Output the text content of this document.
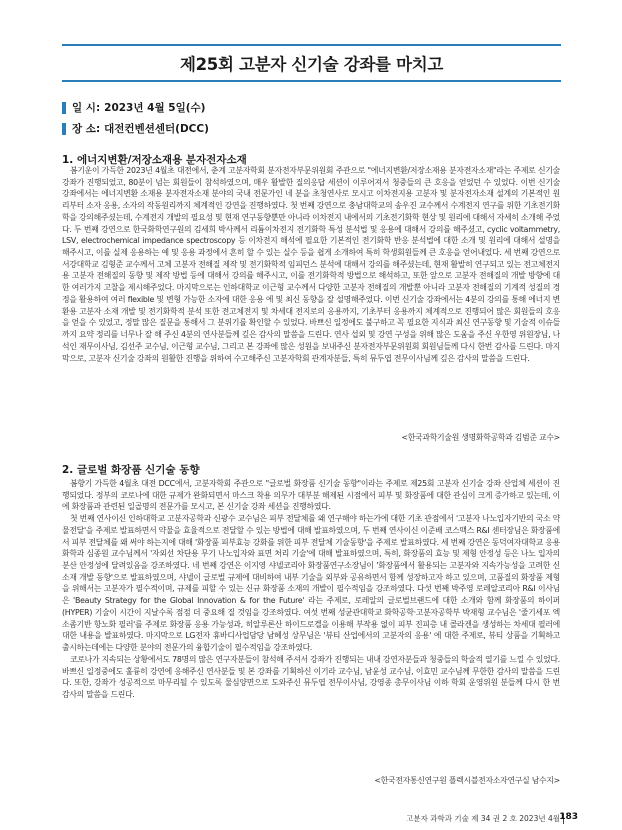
제25회 고분자 신기술 강좌를 마치고
일 시: 2023년 4월 5일(수)
장 소: 대전컨벤션센터(DCC)
1. 에너지변환/저장소재용 분자전자소재

봄기운이 가득한 2023년 4월초 대전에서, 춘계 고분자학회 분자전자부문위원회 주관으로 "에너지변환/저장소재용 분자전자소재"라는 주제로 신기술 강좌가 진행되었고, 80분이 넘는 회원들이 참석하였으며, 매우 활발한 질의응답 세션이 이루어져서 청중들의 큰 호응을 얻었던 수 있었다. 이번 신기술 강좌에서는 에너지변환 소재용 분자전자소재 분야의 국내 전문가인 네 분을 초청연사로 모시고 이차전지용 고분자 및 분자전자소재 설계의 기본적인 원리부터 소자 응용, 소자의 작동원리까지 체계적인 강연을 진행하였다. 첫 번째 강연으로 충남대학교의 송우진 교수께서 수계전지 연구를 위한 기초전기화학을 강의해주셨는데, 수계전지 개발의 필요성 및 현재 연구동향뿐만 아니라 이차전지 내에서의 기초전기화학 현상 및 원리에 대해서 자세히 소개해 주었다. 두 번째 강연으로 한국화학연구원의 김세희 박사께서 리튬이차전지 전기화학 특성 분석법 및 응용에 대해서 강의를 해주셨고, cyclic voltammetry, LSV, electrochemical impedance spectroscopy 등 이차전지 해석에 필요한 기본적인 전기화학 반응 분석법에 대한 소개 및 원리에 대해서 설명을 해주시고, 이를 실제 응용하는 예 및 응용 과정에서 흔히 할 수 있는 실수 등을 쉽게 소개하여 특히 학생회원들께 큰 호응을 얻어내었다. 세 번째 강연으로 서강대학교 김형준 교수께서 고체 고분자 전해질 제작 및 전기화학적 임피던스 분석에 대해서 강의를 해주셨는데, 현재 활발히 연구되고 있는 전고체전지용 고분자 전해질의 동향 및 제작 방법 등에 대해서 강의를 해주시고, 이를 전기화학적 방법으로 해석하고, 또한 앞으로 고분자 전해질의 개발 방향에 대한 여러가지 고찰을 제시해주었다. 마지막으로는 인하대학교 이근형 교수께서 다양한 고분자 전해질의 개발뿐 아니라 고분자 전해질의 기계적 성질의 경정을 활용하여 여러 flexible 및 변형 가능한 소자에 대한 응용 에 및 최신 동향을 잘 설명해주었다. 이번 신기술 강좌에서는 4분의 강의를 통해 에너지 변환용 고분자 소재 개발 및 전기화학적 분석 또한 전고체전지 및 차세대 전지로의 응용까지, 기초부터 응용까지 체계적으로 진행되어 많은 회원들의 호응을 얻을 수 있었고, 정말 많은 질문을 통해서 그 분위기를 확인할 수 있었다. 바쁘신 일정에도 불구하고 꼭 필요한 지식과 최신 연구동향 및 기술적 이슈들까지 요약 정리를 너무나 잘 해 주신 4분의 연사분들께 깊은 감사의 말씀을 드린다. 연사 섭외 및 강연 구성을 위해 많은 도움을 주신 우한영 위원장님, 나석인 재무이사님, 김선주 교수님, 이근형 교수님, 그리고 본 강좌에 많은 성원을 보내주신 분자전자부문위원회 회원님들께 다시 한번 감사를 드린다. 마지막으로, 고분자 신기술 강좌의 원활한 진행을 위하여 수고해주신 고분자학회 관계자분들, 특히 뮤두엽 전무이사님께 깊은 감사의 말씀을 드린다.

<한국과학기술원 생명화학공학과 김범준 교수>
2. 글로벌 화장품 신기술 동향

봄향기 가득한 4월초 대전 DCC에서, 고분자학회 주관으로 "글로벌 화장품 신기술 동향"이라는 주제로 제25회 고분자 신기술 강좌 산업체 세션이 진행되었다. 정부의 코로나에 대한 규제가 완화되면서 마스크 착용 의무가 대부분 해제된 시점에서 피부 및 화장품에 대한 관심이 크게 증가하고 있는데, 이에 화장품과 관련된 일곱명의 전문가를 모시고, 본 신기술 강좌 세션을 진행하였다.

첫 번째 연사이신 인하대학교 고분자공학과 신광수 교수님은 피부 전달체를 왜 연구해야 하는가에 대한 기초 관점에서 '고분자 나노입자기반의 국소 약물전달'을 주제로 발표하면서 약물을 효율적으로 전달할 수 있는 방법에 대해 발표하였으며, 두 번째 연사이신 이준배 코스맥스 R&I 센터장님은 화장품에서 피부 전달체를 왜 써야 하는지에 대해 '화장품 피부효능 강화를 위한 피부 전달체 기술동향'을 주제로 발표하였다. 세 번째 강연은 동덕여자대학교 응용화학과 심종원 교수님께서 '자외선 차단용 무기 나노입자와 표면 처리 기술'에 대해 발표하였으며, 특히, 화장품의 효능 및 제형 안정성 등은 나노 입자의 분산 안정성에 달려있음을 강조하였다. 네 번째 강연은 이지영 샤넬코리아 화장품연구소장님이 '화장품에서 활용되는 고분자와 지속가능성을 고려한 신소재 개발 동향'으로 발표하였으며, 샤넬이 글로벌 규제에 대비하여 내부 기술을 외부와 공유하면서 함께 성장하고자 하고 있으며, 고품질의 화장품 제형을 위해서는 고분자가 필수적이며, 규제를 피할 수 있는 신규 화장품 소재의 개발이 필수적임을 강조하였다. 다섯 번째 박주영 로레알코리아 R&I 이사님은 'Beauty Strategy for the Global Innovation & for the Future' 라는 주제로, 로레알의 글로벌브랜드에 대한 소개와 함께 화장품의 하이퍼(HYPER) 기술이 시간이 지날수록 점점 더 중요해 질 것임을 강조하였다. 여섯 번째 성균관대학교 화학공학·고분자공학부 박재형 교수님은 '줄기세포 엑소좀기반 항노화 필러'를 주제로 화장품 응용 가능성과, 히알루론산 하이드로겔을 이용해 부작용 없이 피부 진피층 내 콜라겐을 생성하는 차세대 필러에 대한 내용을 발표하였다. 마지막으로 LG전자 휴바디사업담당 남혜성 상무님은 '뷰티 산업에서의 고분자의 응용' 에 대한 주제로, 뷰티 상품을 기획하고 출시하는데에는 다양한 분야의 전문가의 융합기술이 필수적임을 강조하였다.

코로나가 지속되는 상황에서도 78명의 많은 연구자분들이 참석해 주셔서 강좌가 진행되는 내내 강연자분들과 청중들의 학술적 열기를 느낄 수 있었다. 바쁘신 일정중에도 훌륭히 강연에 응해주신 연사분들 및 본 강좌를 기획하신 이기라 교수님, 남윤성 교수님, 이효민 교수님께 무한한 감사의 말씀을 드린다. 또한, 강좌가 성공적으로 마무리될 수 있도록 물심양면으로 도와주신 뮤두엽 전무이사님, 강영종 총무이사님 이하 학회 운영위원 분들께 다시 한 번 감사의 말씀을 드린다.

<한국전자통신연구원 플렉시블전자소자연구실 남수지>
고분자 과학과 기술 제 34 권 2 호 2023년 4월 183
